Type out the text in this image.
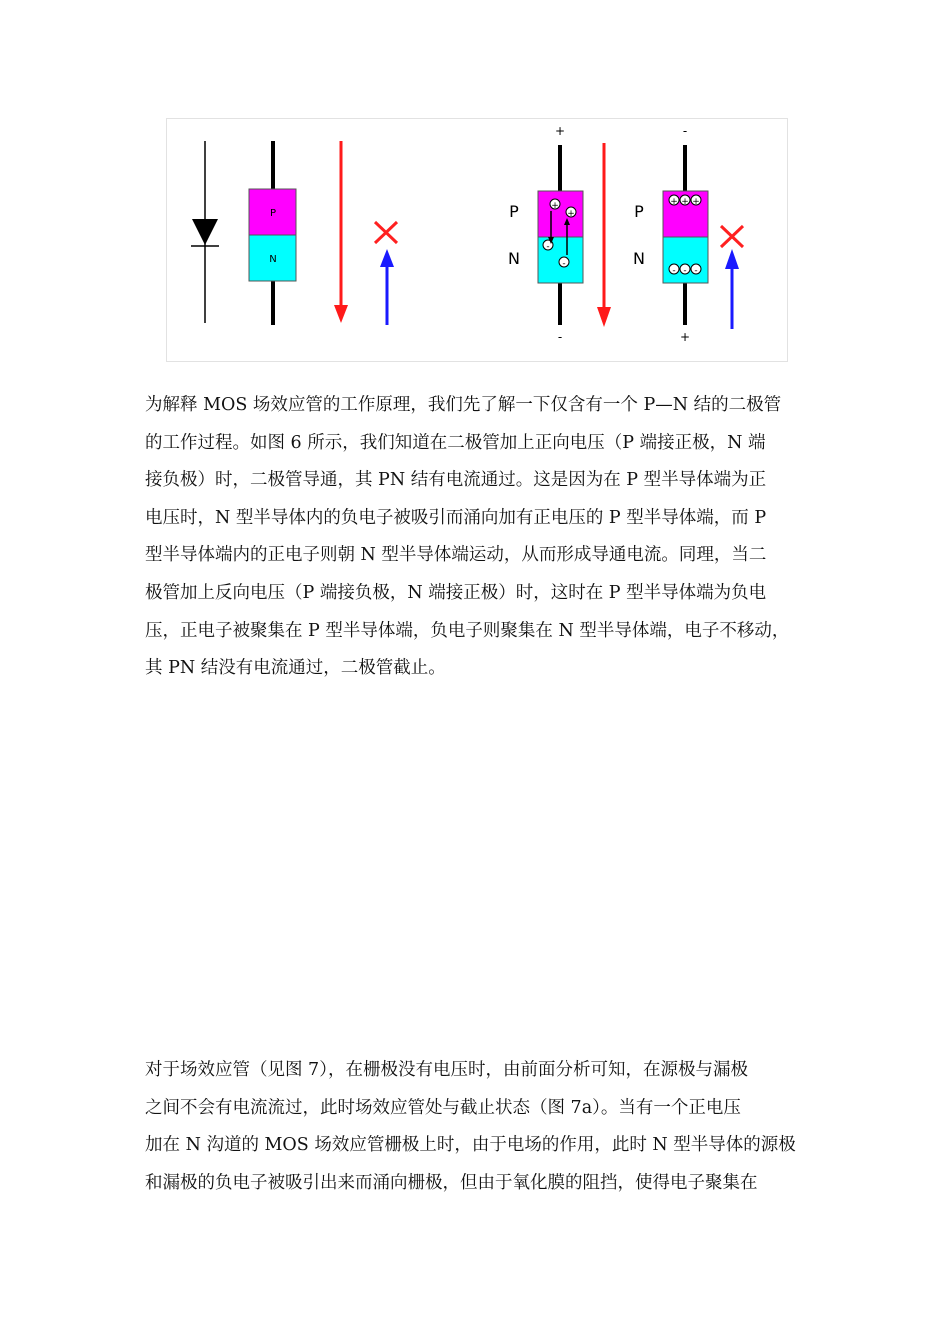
P
N
+
-
P
N
+
+
-
-
-
+
P
N
+ + +
- - -
为解释 MOS 场效应管的工作原理，我们先了解一下仅含有一个 P—N 结的二极管
的工作过程。如图 6 所示，我们知道在二极管加上正向电压（P 端接正极，N 端
接负极）时，二极管导通，其 PN 结有电流通过。这是因为在 P 型半导体端为正
电压时，N 型半导体内的负电子被吸引而涌向加有正电压的 P 型半导体端，而 P
型半导体端内的正电子则朝 N 型半导体端运动，从而形成导通电流。同理，当二
极管加上反向电压（P 端接负极，N 端接正极）时，这时在 P 型半导体端为负电
压，正电子被聚集在 P 型半导体端，负电子则聚集在 N 型半导体端，电子不移动，
其 PN 结没有电流通过，二极管截止。
对于场效应管（见图 7），在栅极没有电压时，由前面分析可知，在源极与漏极
之间不会有电流流过，此时场效应管处与截止状态（图 7a）。当有一个正电压
加在 N 沟道的 MOS 场效应管栅极上时，由于电场的作用，此时 N 型半导体的源极
和漏极的负电子被吸引出来而涌向栅极，但由于氧化膜的阻挡，使得电子聚集在
